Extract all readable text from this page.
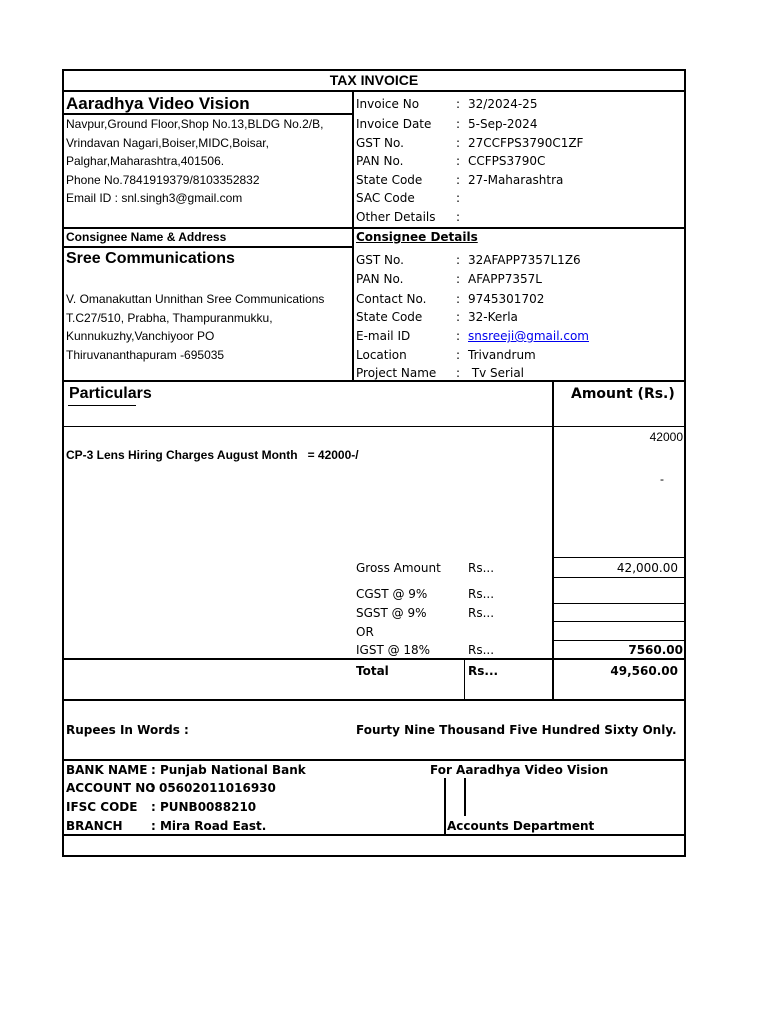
TAX INVOICE
Aaradhya Video Vision
Navpur,Ground Floor,Shop No.13,BLDG No.2/B,
Vrindavan Nagari,Boiser,MIDC,Boisar,
Palghar,Maharashtra,401506.
Phone No.7841919379/8103352832
Email ID : snl.singh3@gmail.com
Invoice No	: 32/2024-25
Invoice Date : 5-Sep-2024
GST No.	: 27CCFPS3790C1ZF
PAN No.	: CCFPS3790C
State Code	: 27-Maharashtra
SAC Code	:
Other Details :
Consignee Name & Address
Sree Communications
V. Omanakuttan Unnithan Sree Communications
T.C27/510, Prabha, Thampuranmukku,
Kunnukuzhy,Vanchiyoor PO
Thiruvananthapuram -695035
Consignee Details
GST No.	: 32AFAPP7357L1Z6
PAN No.	: AFAPP7357L
Contact No. : 9745301702
State Code	: 32-Kerla
E-mail ID	: snsreeji@gmail.com
Location	: Trivandrum
Project Name : Tv Serial
Particulars	Amount (Rs.)
CP-3 Lens Hiring Charges August Month   = 42000-/
42000
-
Gross Amount Rs...	42,000.00
CGST @ 9%	Rs...
SGST @ 9%	Rs...
OR
IGST @ 18%	Rs...	7560.00
Total	Rs...	49,560.00
Rupees In Words :	Fourty Nine Thousand Five Hundred Sixty Only.
BANK NAME : Punjab National Bank
ACCOUNT NO
: 05602011016930
IFSC CODE : PUNB0088210
BRANCH : Mira Road East.
For Aaradhya Video Vision
Accounts Department
